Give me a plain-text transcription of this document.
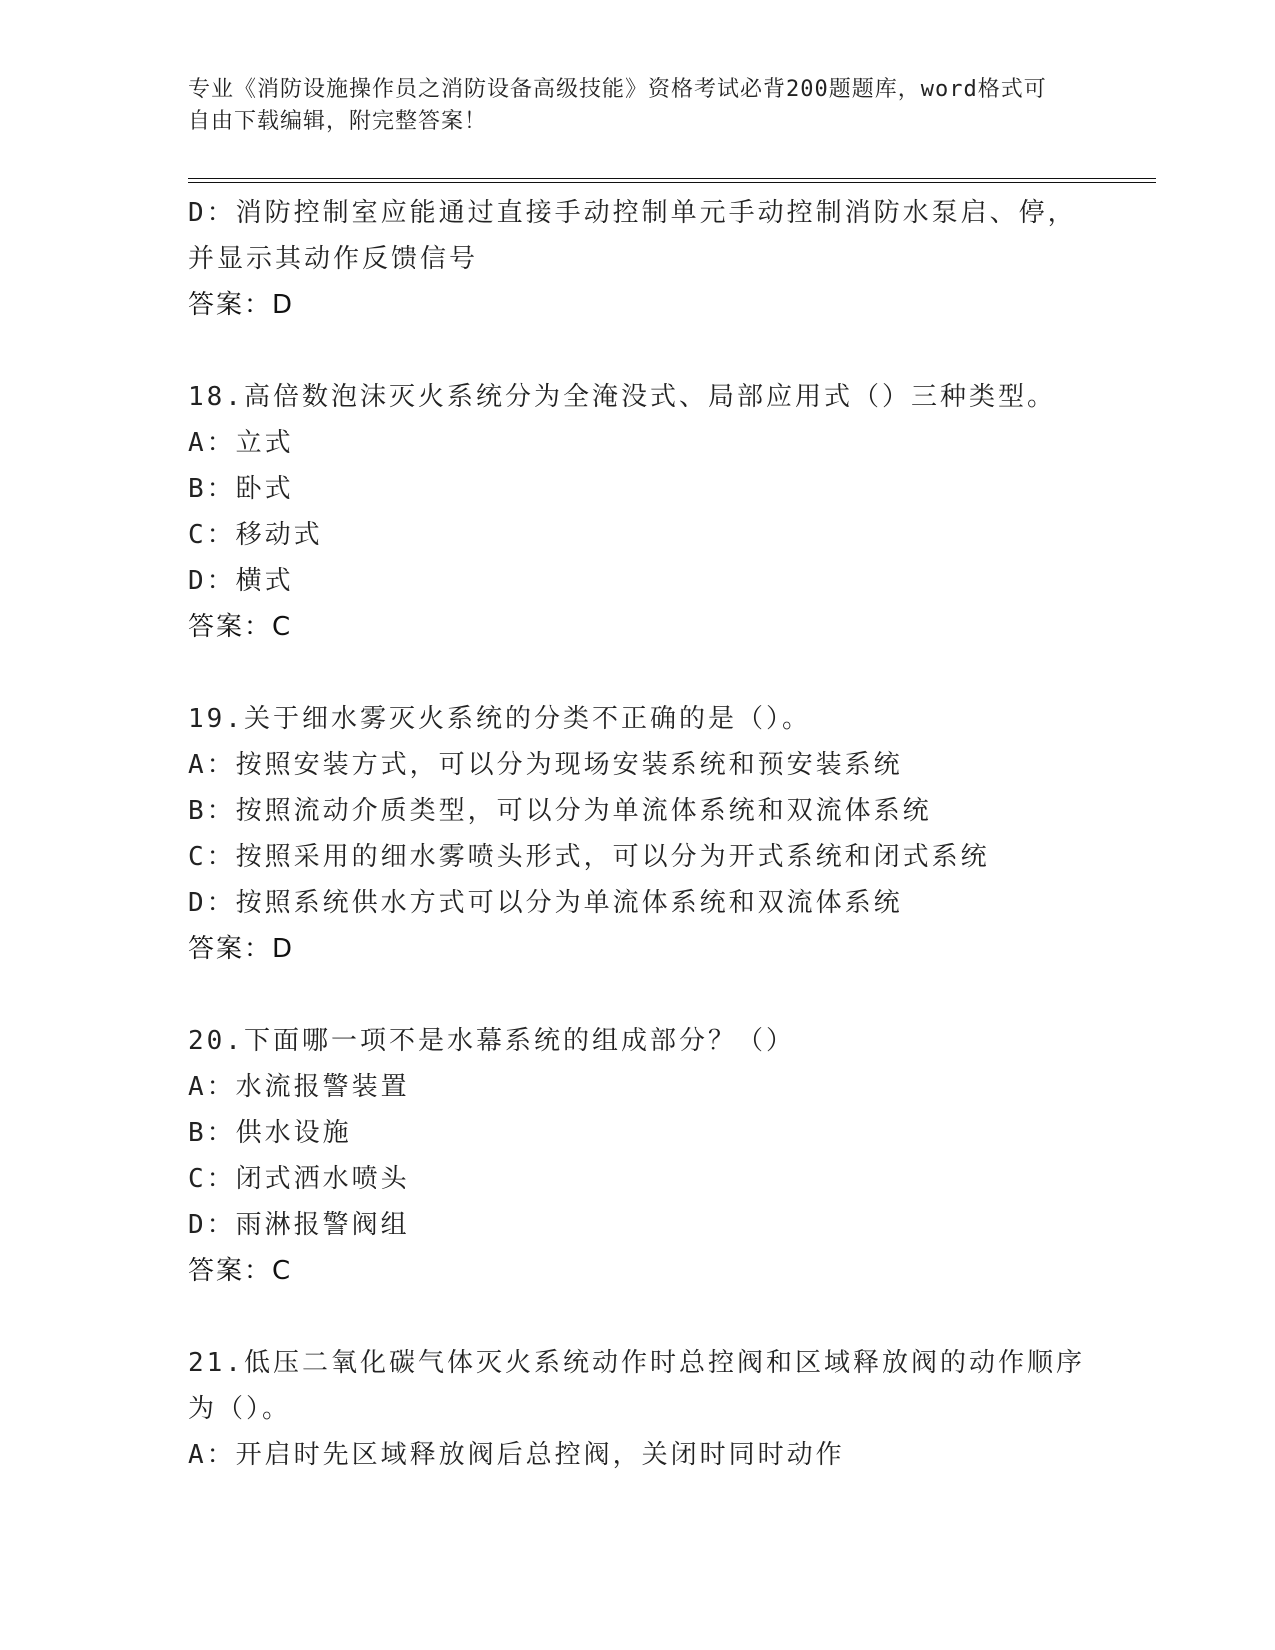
专业《消防设施操作员之消防设备高级技能》资格考试必背200题题库，word格式可自由下载编辑，附完整答案！
D：消防控制室应能通过直接手动控制单元手动控制消防水泵启、停，并显示其动作反馈信号
答案：D
18.高倍数泡沫灭火系统分为全淹没式、局部应用式（）三种类型。
A：立式
B：卧式
C：移动式
D：横式
答案：C
19.关于细水雾灭火系统的分类不正确的是（）。
A：按照安装方式，可以分为现场安装系统和预安装系统
B：按照流动介质类型，可以分为单流体系统和双流体系统
C：按照采用的细水雾喷头形式，可以分为开式系统和闭式系统
D：按照系统供水方式可以分为单流体系统和双流体系统
答案：D
20.下面哪一项不是水幕系统的组成部分？（）
A：水流报警装置
B：供水设施
C：闭式洒水喷头
D：雨淋报警阀组
答案：C
21.低压二氧化碳气体灭火系统动作时总控阀和区域释放阀的动作顺序为（）。
A：开启时先区域释放阀后总控阀，关闭时同时动作
